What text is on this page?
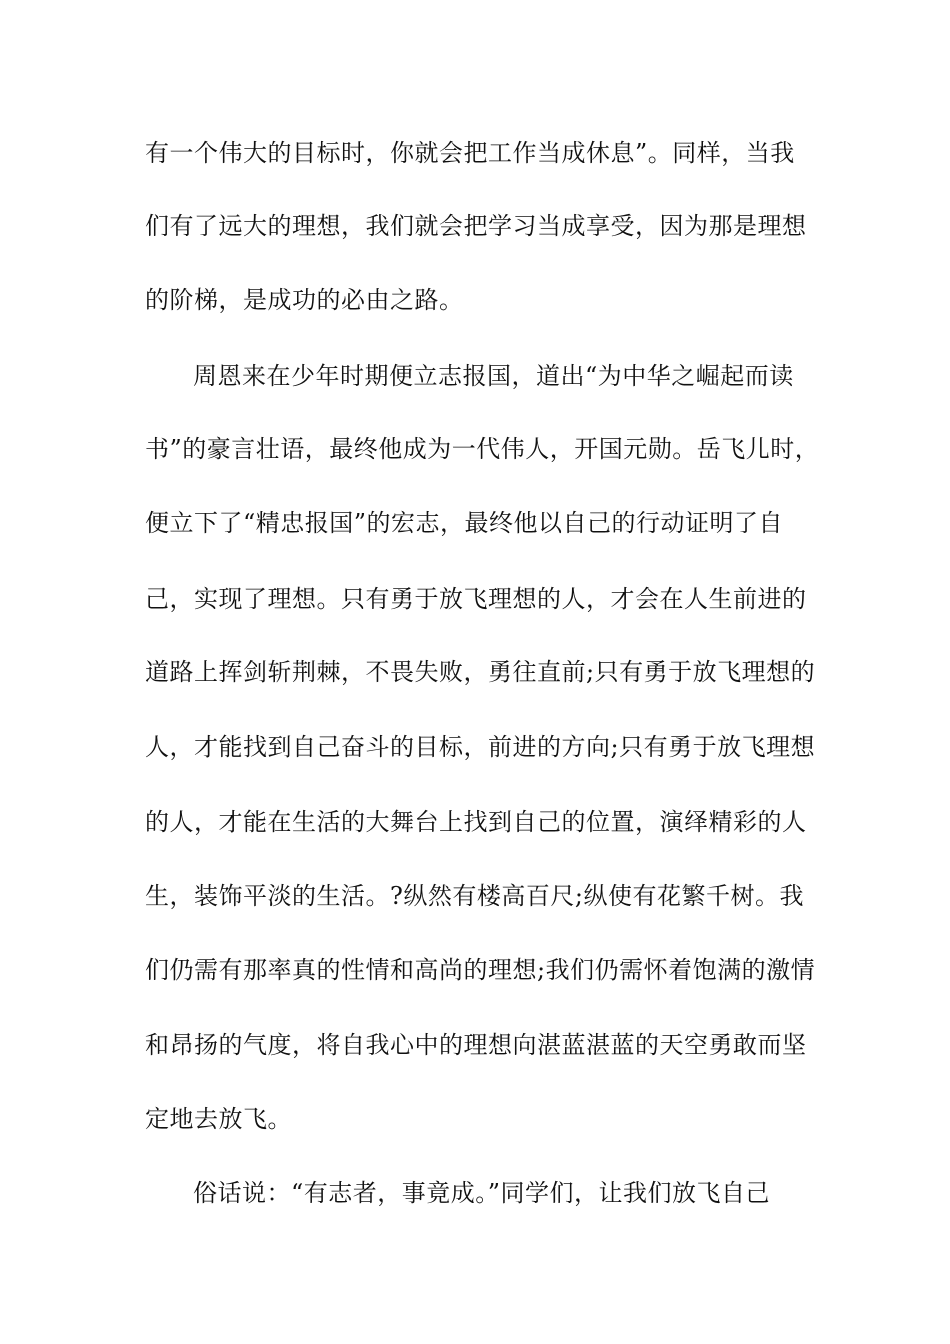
有一个伟大的目标时，你就会把工作当成休息”。同样，当我
们有了远大的理想，我们就会把学习当成享受，因为那是理想
的阶梯，是成功的必由之路。
周恩来在少年时期便立志报国，道出“为中华之崛起而读
书”的豪言壮语，最终他成为一代伟人，开国元勋。岳飞儿时，
便立下了“精忠报国”的宏志，最终他以自己的行动证明了自
己，实现了理想。只有勇于放飞理想的人，才会在人生前进的
道路上挥剑斩荆棘，不畏失败，勇往直前;只有勇于放飞理想的
人，才能找到自己奋斗的目标，前进的方向;只有勇于放飞理想
的人，才能在生活的大舞台上找到自己的位置，演绎精彩的人
生，装饰平淡的生活。?纵然有楼高百尺;纵使有花繁千树。我
们仍需有那率真的性情和高尚的理想;我们仍需怀着饱满的激情
和昂扬的气度，将自我心中的理想向湛蓝湛蓝的天空勇敢而坚
定地去放飞。
俗话说：“有志者，事竟成。”同学们，让我们放飞自己
